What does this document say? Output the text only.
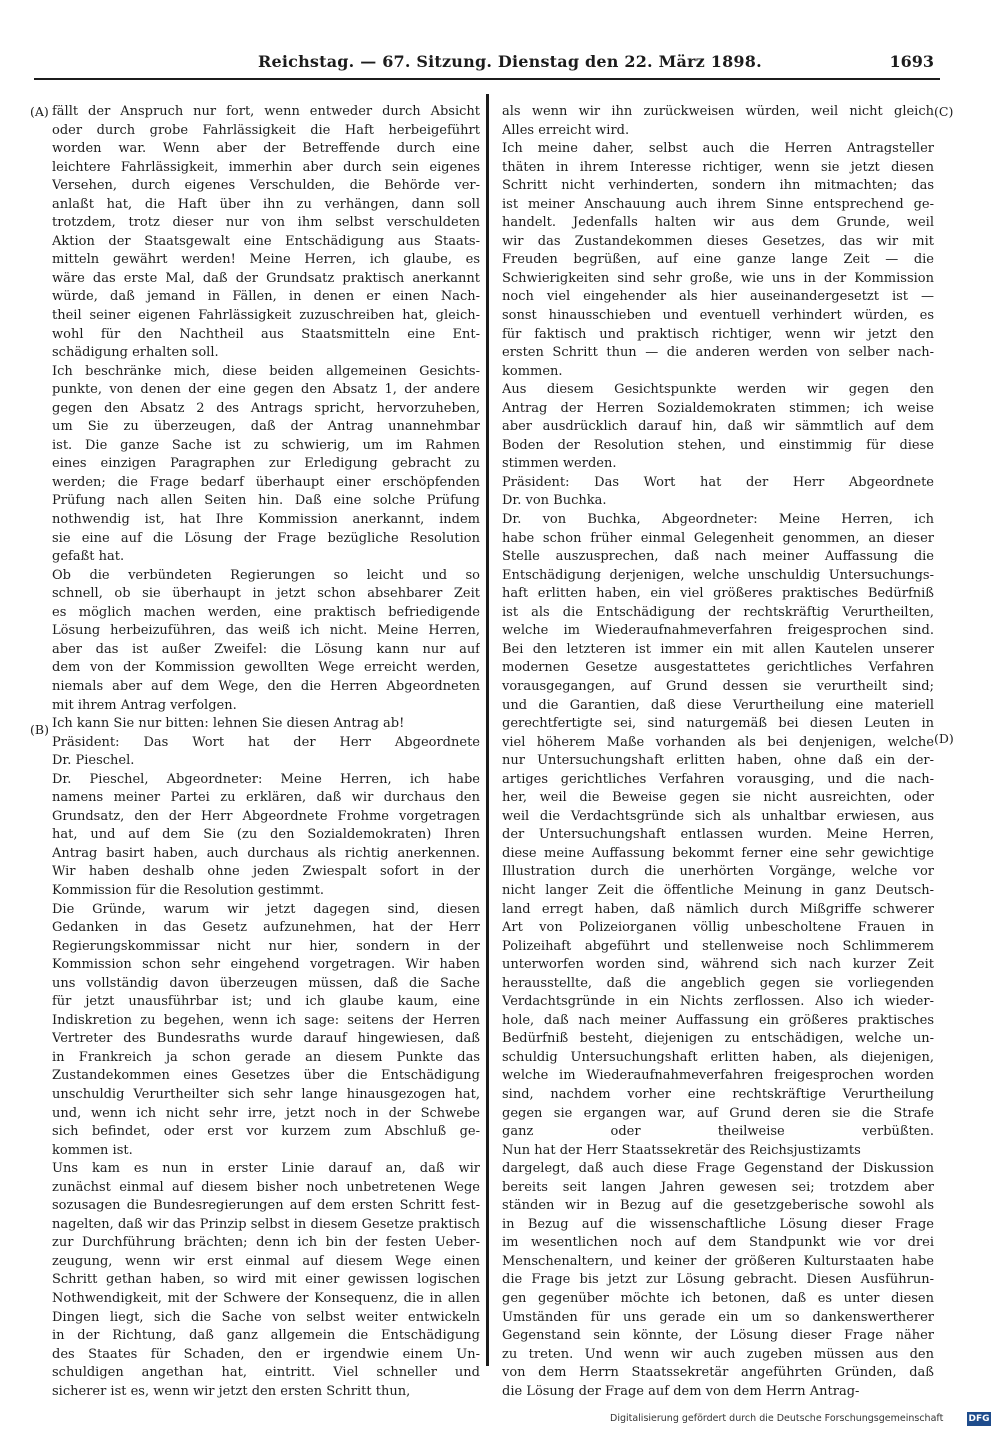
Reichstag. — 67. Sitzung. Dienstag den 22. März 1898.	1693
(A)
(B)
(C)
(D)
fällt der Anspruch nur fort, wenn entweder durch Absicht
oder durch grobe Fahrlässigkeit die Haft herbeigeführt
worden war. Wenn aber der Betreffende durch eine
leichtere Fahrlässigkeit, immerhin aber durch sein eigenes
Versehen, durch eigenes Verschulden, die Behörde ver-
anlaßt hat, die Haft über ihn zu verhängen, dann soll
trotzdem, trotz dieser nur von ihm selbst verschuldeten
Aktion der Staatsgewalt eine Entschädigung aus Staats-
mitteln gewährt werden! Meine Herren, ich glaube, es
wäre das erste Mal, daß der Grundsatz praktisch anerkannt
würde, daß jemand in Fällen, in denen er einen Nach-
theil seiner eigenen Fahrlässigkeit zuzuschreiben hat, gleich-
wohl für den Nachtheil aus Staatsmitteln eine Ent-
schädigung erhalten soll.
Ich beschränke mich, diese beiden allgemeinen Gesichts-
punkte, von denen der eine gegen den Absatz 1, der andere
gegen den Absatz 2 des Antrags spricht, hervorzuheben,
um Sie zu überzeugen, daß der Antrag unannehmbar
ist. Die ganze Sache ist zu schwierig, um im Rahmen
eines einzigen Paragraphen zur Erledigung gebracht zu
werden; die Frage bedarf überhaupt einer erschöpfenden
Prüfung nach allen Seiten hin. Daß eine solche Prüfung
nothwendig ist, hat Ihre Kommission anerkannt, indem
sie eine auf die Lösung der Frage bezügliche Resolution
gefaßt hat.
Ob die verbündeten Regierungen so leicht und so
schnell, ob sie überhaupt in jetzt schon absehbarer Zeit
es möglich machen werden, eine praktisch befriedigende
Lösung herbeizuführen, das weiß ich nicht. Meine Herren,
aber das ist außer Zweifel: die Lösung kann nur auf
dem von der Kommission gewollten Wege erreicht werden,
niemals aber auf dem Wege, den die Herren Abgeordneten
mit ihrem Antrag verfolgen.
Ich kann Sie nur bitten: lehnen Sie diesen Antrag ab!
Präsident: Das Wort hat der Herr Abgeordnete
Dr. Pieschel.
Dr. Pieschel, Abgeordneter: Meine Herren, ich habe
namens meiner Partei zu erklären, daß wir durchaus den
Grundsatz, den der Herr Abgeordnete Frohme vorgetragen
hat, und auf dem Sie (zu den Sozialdemokraten) Ihren
Antrag basirt haben, auch durchaus als richtig anerkennen.
Wir haben deshalb ohne jeden Zwiespalt sofort in der
Kommission für die Resolution gestimmt.
Die Gründe, warum wir jetzt dagegen sind, diesen
Gedanken in das Gesetz aufzunehmen, hat der Herr
Regierungskommissar nicht nur hier, sondern in der
Kommission schon sehr eingehend vorgetragen. Wir haben
uns vollständig davon überzeugen müssen, daß die Sache
für jetzt unausführbar ist; und ich glaube kaum, eine
Indiskretion zu begehen, wenn ich sage: seitens der Herren
Vertreter des Bundesraths wurde darauf hingewiesen, daß
in Frankreich ja schon gerade an diesem Punkte das
Zustandekommen eines Gesetzes über die Entschädigung
unschuldig Verurtheilter sich sehr lange hinausgezogen hat,
und, wenn ich nicht sehr irre, jetzt noch in der Schwebe
sich befindet, oder erst vor kurzem zum Abschluß ge-
kommen ist.
Uns kam es nun in erster Linie darauf an, daß wir
zunächst einmal auf diesem bisher noch unbetretenen Wege
sozusagen die Bundesregierungen auf dem ersten Schritt fest-
nagelten, daß wir das Prinzip selbst in diesem Gesetze praktisch
zur Durchführung brächten; denn ich bin der festen Ueber-
zeugung, wenn wir erst einmal auf diesem Wege einen
Schritt gethan haben, so wird mit einer gewissen logischen
Nothwendigkeit, mit der Schwere der Konsequenz, die in allen
Dingen liegt, sich die Sache von selbst weiter entwickeln
in der Richtung, daß ganz allgemein die Entschädigung
des Staates für Schaden, den er irgendwie einem Un-
schuldigen angethan hat, eintritt. Viel schneller und
sicherer ist es, wenn wir jetzt den ersten Schritt thun,
als wenn wir ihn zurückweisen würden, weil nicht gleich
Alles erreicht wird.
Ich meine daher, selbst auch die Herren Antragsteller
thäten in ihrem Interesse richtiger, wenn sie jetzt diesen
Schritt nicht verhinderten, sondern ihn mitmachten; das
ist meiner Anschauung auch ihrem Sinne entsprechend ge-
handelt. Jedenfalls halten wir aus dem Grunde, weil
wir das Zustandekommen dieses Gesetzes, das wir mit
Freuden begrüßen, auf eine ganze lange Zeit — die
Schwierigkeiten sind sehr große, wie uns in der Kommission
noch viel eingehender als hier auseinandergesetzt ist —
sonst hinausschieben und eventuell verhindert würden, es
für faktisch und praktisch richtiger, wenn wir jetzt den
ersten Schritt thun — die anderen werden von selber nach-
kommen.
Aus diesem Gesichtspunkte werden wir gegen den
Antrag der Herren Sozialdemokraten stimmen; ich weise
aber ausdrücklich darauf hin, daß wir sämmtlich auf dem
Boden der Resolution stehen, und einstimmig für diese
stimmen werden.
Präsident: Das Wort hat der Herr Abgeordnete
Dr. von Buchka.
Dr. von Buchka, Abgeordneter: Meine Herren, ich
habe schon früher einmal Gelegenheit genommen, an dieser
Stelle auszusprechen, daß nach meiner Auffassung die
Entschädigung derjenigen, welche unschuldig Untersuchungs-
haft erlitten haben, ein viel größeres praktisches Bedürfniß
ist als die Entschädigung der rechtskräftig Verurtheilten,
welche im Wiederaufnahmeverfahren freigesprochen sind.
Bei den letzteren ist immer ein mit allen Kautelen unserer
modernen Gesetze ausgestattetes gerichtliches Verfahren
vorausgegangen, auf Grund dessen sie verurtheilt sind;
und die Garantien, daß diese Verurtheilung eine materiell
gerechtfertigte sei, sind naturgemäß bei diesen Leuten in
viel höherem Maße vorhanden als bei denjenigen, welche
nur Untersuchungshaft erlitten haben, ohne daß ein der-
artiges gerichtliches Verfahren vorausging, und die nach-
her, weil die Beweise gegen sie nicht ausreichten, oder
weil die Verdachtsgründe sich als unhaltbar erwiesen, aus
der Untersuchungshaft entlassen wurden. Meine Herren,
diese meine Auffassung bekommt ferner eine sehr gewichtige
Illustration durch die unerhörten Vorgänge, welche vor
nicht langer Zeit die öffentliche Meinung in ganz Deutsch-
land erregt haben, daß nämlich durch Mißgriffe schwerer
Art von Polizeiorganen völlig unbescholtene Frauen in
Polizeihaft abgeführt und stellenweise noch Schlimmerem
unterworfen worden sind, während sich nach kurzer Zeit
herausstellte, daß die angeblich gegen sie vorliegenden
Verdachtsgründe in ein Nichts zerflossen. Also ich wieder-
hole, daß nach meiner Auffassung ein größeres praktisches
Bedürfniß besteht, diejenigen zu entschädigen, welche un-
schuldig Untersuchungshaft erlitten haben, als diejenigen,
welche im Wiederaufnahmeverfahren freigesprochen worden
sind, nachdem vorher eine rechtskräftige Verurtheilung
gegen sie ergangen war, auf Grund deren sie die Strafe
ganz oder theilweise verbüßten.
Nun hat der Herr Staatssekretär des Reichsjustizamts
dargelegt, daß auch diese Frage Gegenstand der Diskussion
bereits seit langen Jahren gewesen sei; trotzdem aber
ständen wir in Bezug auf die gesetzgeberische sowohl als
in Bezug auf die wissenschaftliche Lösung dieser Frage
im wesentlichen noch auf dem Standpunkt wie vor drei
Menschenaltern, und keiner der größeren Kulturstaaten habe
die Frage bis jetzt zur Lösung gebracht. Diesen Ausführun-
gen gegenüber möchte ich betonen, daß es unter diesen
Umständen für uns gerade ein um so dankenswertherer
Gegenstand sein könnte, der Lösung dieser Frage näher
zu treten. Und wenn wir auch zugeben müssen aus den
von dem Herrn Staatssekretär angeführten Gründen, daß
die Lösung der Frage auf dem von dem Herrn Antrag-
Digitalisierung gefördert durch die Deutsche Forschungsgemeinschaft	DFG
